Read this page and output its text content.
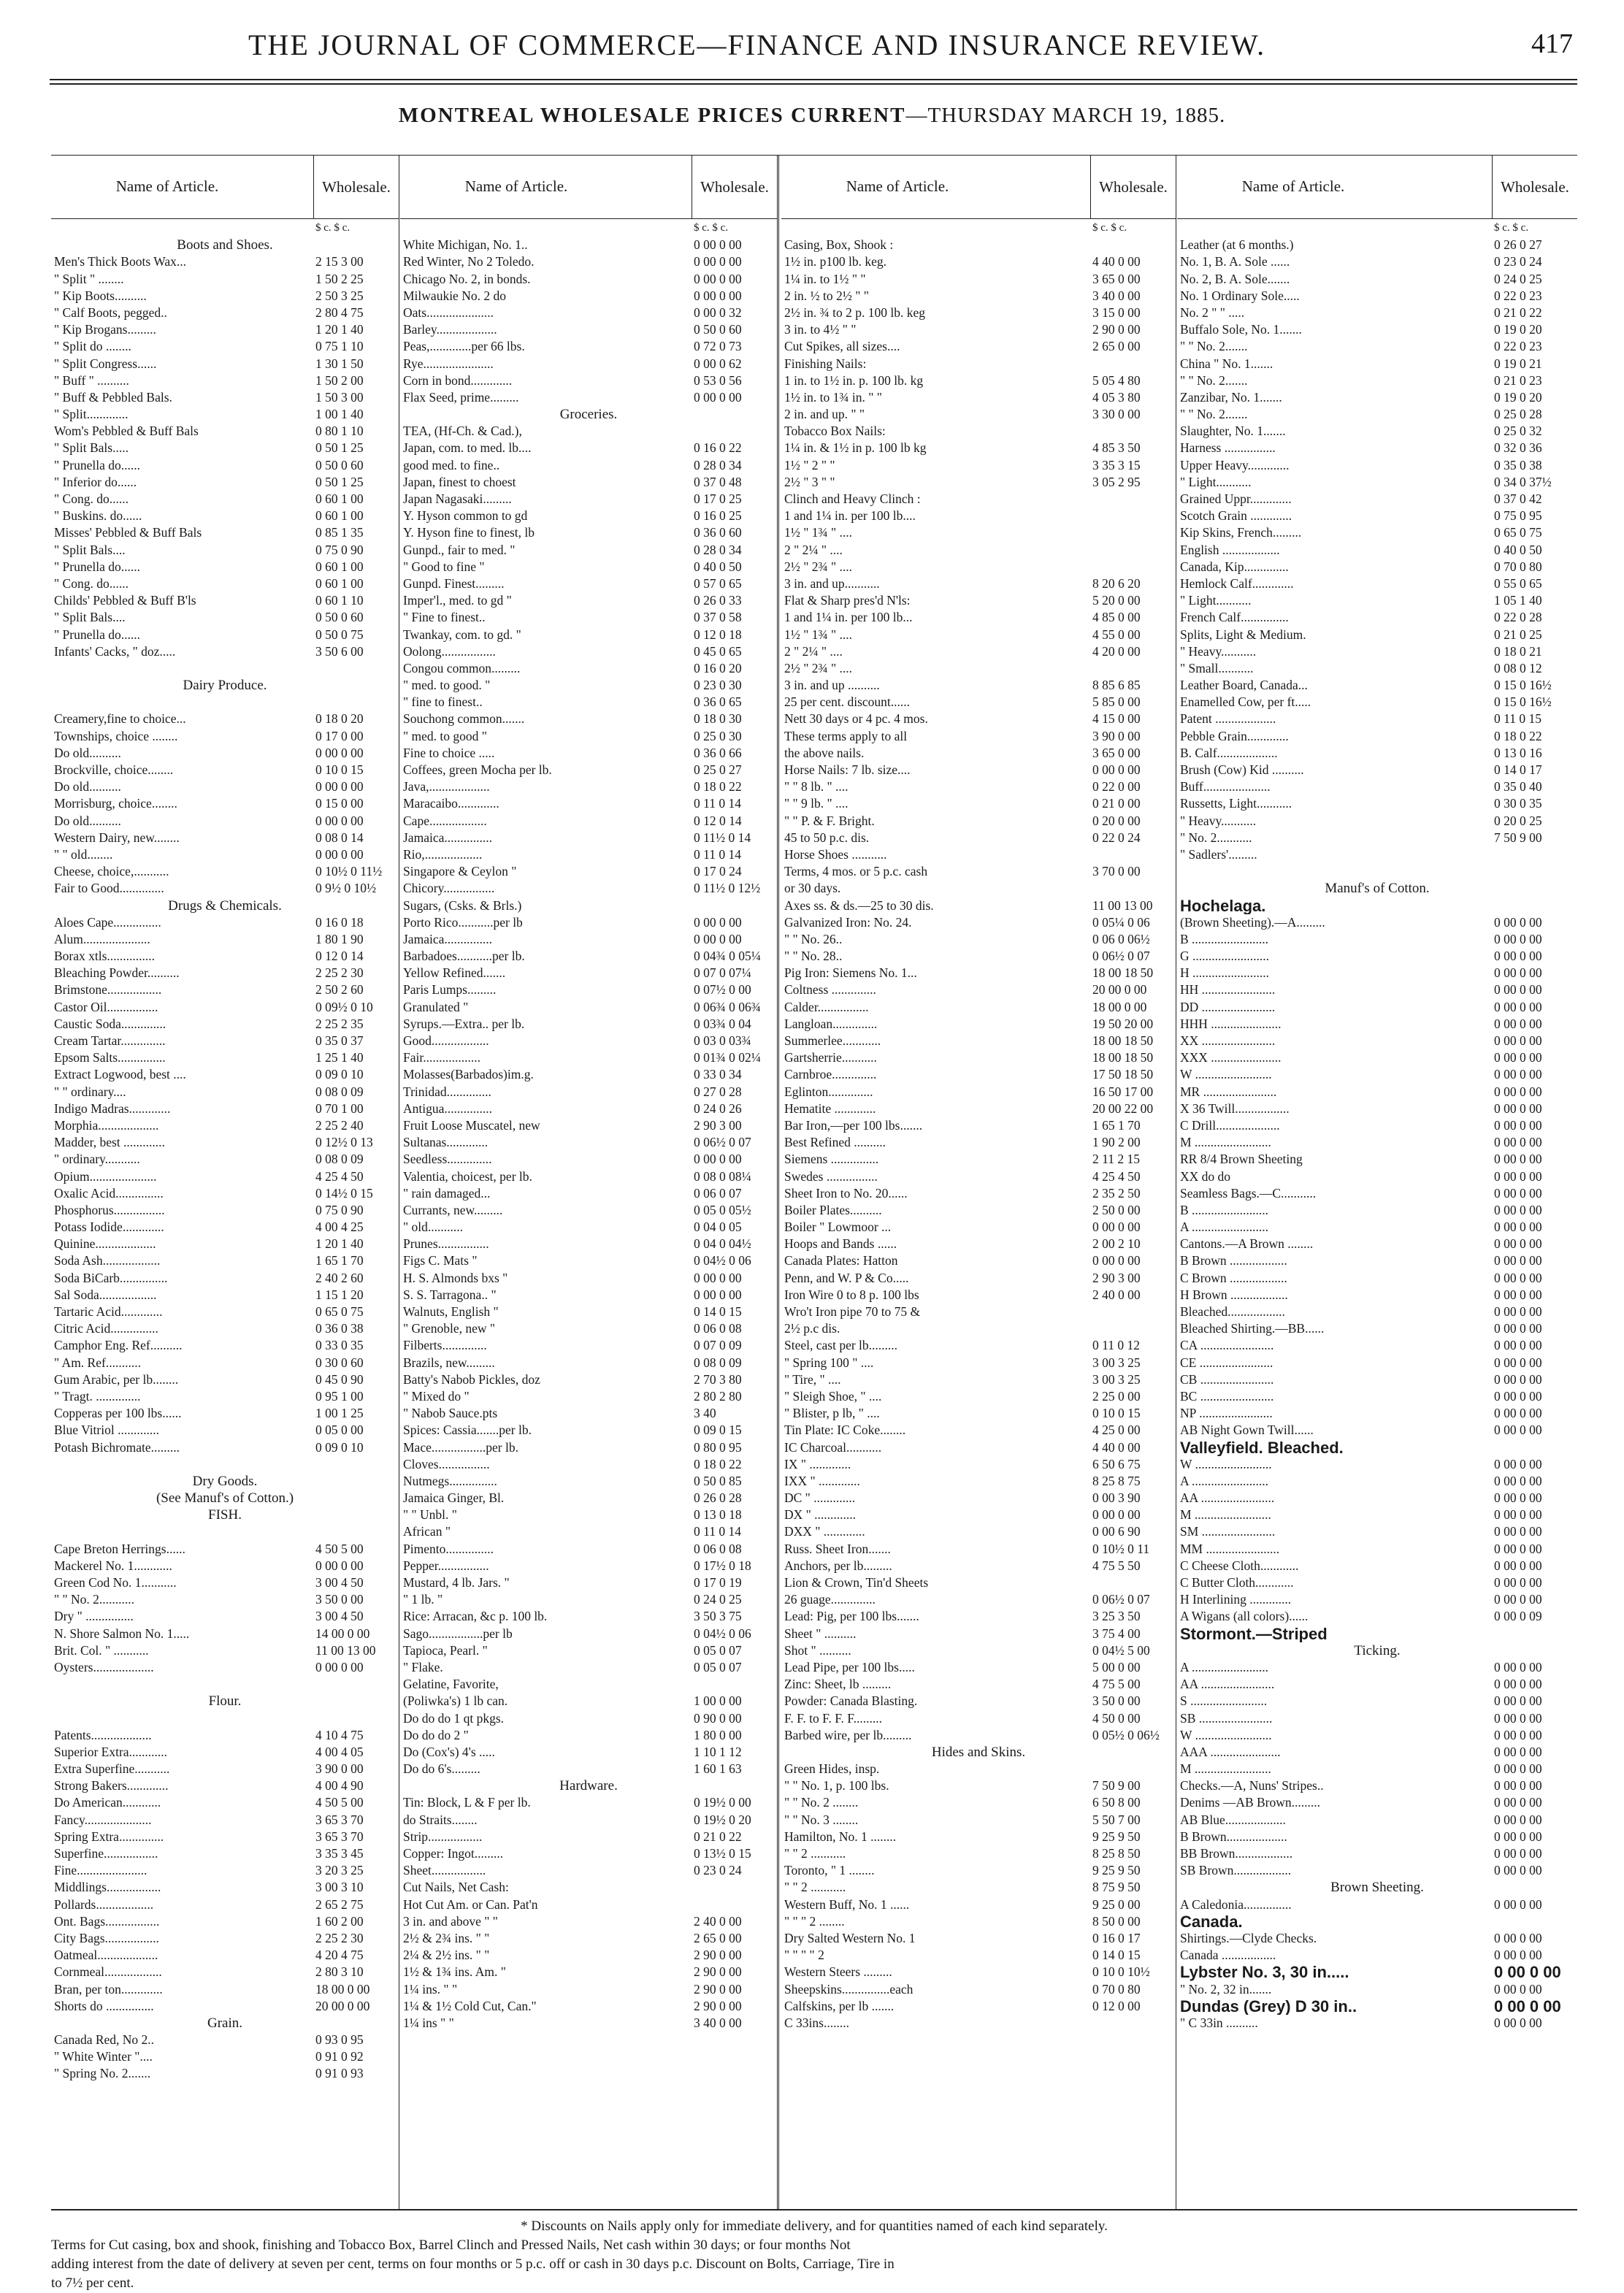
THE JOURNAL OF COMMERCE—FINANCE AND INSURANCE REVIEW.	417
MONTREAL WHOLESALE PRICES CURRENT—THURSDAY MARCH 19, 1885.
Name of Article.	Wholesale.
$ c. $ c.
Boots and Shoes.
Men's Thick Boots Wax...	2 15 3 00
" Split " ........	1 50 2 25
" Kip Boots..........	2 50 3 25
" Calf Boots, pegged..	2 80 4 75
" Kip Brogans.........	1 20 1 40
" Split do ........	0 75 1 10
" Split Congress......	1 30 1 50
" Buff " ..........	1 50 2 00
" Buff & Pebbled Bals.	1 50 3 00
" Split.............	1 00 1 40
Wom's Pebbled & Buff Bals	0 80 1 10
" Split Bals.....	0 50 1 25
" Prunella do......	0 50 0 60
" Inferior do......	0 50 1 25
" Cong. do......	0 60 1 00
" Buskins. do......	0 60 1 00
Misses' Pebbled & Buff Bals	0 85 1 35
" Split Bals....	0 75 0 90
" Prunella do......	0 60 1 00
" Cong. do......	0 60 1 00
Childs' Pebbled & Buff B'ls	0 60 1 10
" Split Bals....	0 50 0 60
" Prunella do......	0 50 0 75
Infants' Cacks, " doz.....	3 50 6 00
Dairy Produce.
Creamery,fine to choice...	0 18 0 20
Townships, choice ........	0 17 0 00
Do old..........	0 00 0 00
Brockville, choice........	0 10 0 15
Do old..........	0 00 0 00
Morrisburg, choice........	0 15 0 00
Do old..........	0 00 0 00
Western Dairy, new........	0 08 0 14
" " old........	0 00 0 00
Cheese, choice,...........	0 10½ 0 11½
Fair to Good..............	0 9½ 0 10½
Drugs & Chemicals.
Aloes Cape...............	0 16 0 18
Alum.....................	1 80 1 90
Borax xtls...............	0 12 0 14
Bleaching Powder..........	2 25 2 30
Brimstone.................	2 50 2 60
Castor Oil................	0 09½ 0 10
Caustic Soda..............	2 25 2 35
Cream Tartar..............	0 35 0 37
Epsom Salts...............	1 25 1 40
Extract Logwood, best ....	0 09 0 10
" " ordinary....	0 08 0 09
Indigo Madras.............	0 70 1 00
Morphia...................	2 25 2 40
Madder, best .............	0 12½ 0 13
" ordinary...........	0 08 0 09
Opium.....................	4 25 4 50
Oxalic Acid...............	0 14½ 0 15
Phosphorus................	0 75 0 90
Potass Iodide.............	4 00 4 25
Quinine...................	1 20 1 40
Soda Ash..................	1 65 1 70
Soda BiCarb...............	2 40 2 60
Sal Soda..................	1 15 1 20
Tartaric Acid.............	0 65 0 75
Citric Acid...............	0 36 0 38
Camphor Eng. Ref..........	0 33 0 35
" Am. Ref...........	0 30 0 60
Gum Arabic, per lb........	0 45 0 90
" Tragt. ..............	0 95 1 00
Copperas per 100 lbs......	1 00 1 25
Blue Vitriol .............	0 05 0 00
Potash Bichromate.........	0 09 0 10
Dry Goods.
(See Manuf's of Cotton.)
FISH.
Cape Breton Herrings......	4 50 5 00
Mackerel No. 1............	0 00 0 00
Green Cod No. 1...........	3 00 4 50
" " No. 2...........	3 50 0 00
Dry " ...............	3 00 4 50
N. Shore Salmon No. 1.....	14 00 0 00
Brit. Col. " ...........	11 00 13 00
Oysters...................	0 00 0 00
Flour.
Patents...................	4 10 4 75
Superior Extra............	4 00 4 05
Extra Superfine...........	3 90 0 00
Strong Bakers.............	4 00 4 90
Do American............	4 50 5 00
Fancy.....................	3 65 3 70
Spring Extra..............	3 65 3 70
Superfine.................	3 35 3 45
Fine......................	3 20 3 25
Middlings.................	3 00 3 10
Pollards..................	2 65 2 75
Ont. Bags.................	1 60 2 00
City Bags.................	2 25 2 30
Oatmeal...................	4 20 4 75
Cornmeal..................	2 80 3 10
Bran, per ton.............	18 00 0 00
Shorts do ...............	20 00 0 00
Grain.
Canada Red, No 2..	0 93 0 95
" White Winter "....	0 91 0 92
" Spring No. 2.......	0 91 0 93
Name of Article.	Wholesale.
$ c. $ c.
White Michigan, No. 1..	0 00 0 00
Red Winter, No 2 Toledo.	0 00 0 00
Chicago No. 2, in bonds.	0 00 0 00
Milwaukie No. 2 do	0 00 0 00
Oats.....................	0 00 0 32
Barley...................	0 50 0 60
Peas,.............per 66 lbs.	0 72 0 73
Rye......................	0 00 0 62
Corn in bond.............	0 53 0 56
Flax Seed, prime.........	0 00 0 00
Groceries.
TEA, (Hf-Ch. & Cad.),
Japan, com. to med. lb....	0 16 0 22
good med. to fine..	0 28 0 34
Japan, finest to choest	0 37 0 48
Japan Nagasaki.........	0 17 0 25
Y. Hyson common to gd	0 16 0 25
Y. Hyson fine to finest, lb	0 36 0 60
Gunpd., fair to med. "	0 28 0 34
" Good to fine "	0 40 0 50
Gunpd. Finest.........	0 57 0 65
Imper'l., med. to gd "	0 26 0 33
" Fine to finest..	0 37 0 58
Twankay, com. to gd. "	0 12 0 18
Oolong.................	0 45 0 65
Congou common.........	0 16 0 20
" med. to good. "	0 23 0 30
" fine to finest..	0 36 0 65
Souchong common.......	0 18 0 30
" med. to good "	0 25 0 30
Fine to choice .....	0 36 0 66
Coffees, green Mocha per lb.	0 25 0 27
Java,...................	0 18 0 22
Maracaibo.............	0 11 0 14
Cape..................	0 12 0 14
Jamaica...............	0 11½ 0 14
Rio,..................	0 11 0 14
Singapore & Ceylon "	0 17 0 24
Chicory................	0 11½ 0 12½
Sugars, (Csks. & Brls.)
Porto Rico...........per lb	0 00 0 00
Jamaica...............	0 00 0 00
Barbadoes...........per lb.	0 04¾ 0 05¼
Yellow Refined.......	0 07 0 07¼
Paris Lumps.........	0 07½ 0 00
Granulated "	0 06¾ 0 06¾
Syrups.—Extra.. per lb.	0 03¾ 0 04
Good..................	0 03 0 03¾
Fair..................	0 01¾ 0 02¼
Molasses(Barbados)im.g.	0 33 0 34
Trinidad..............	0 27 0 28
Antigua...............	0 24 0 26
Fruit Loose Muscatel, new	2 90 3 00
Sultanas.............	0 06½ 0 07
Seedless..............	0 00 0 00
Valentia, choicest, per lb.	0 08 0 08¼
" rain damaged...	0 06 0 07
Currants, new.........	0 05 0 05½
" old...........	0 04 0 05
Prunes................	0 04 0 04½
Figs C. Mats "	0 04½ 0 06
H. S. Almonds bxs "	0 00 0 00
S. S. Tarragona.. "	0 00 0 00
Walnuts, English "	0 14 0 15
" Grenoble, new "	0 06 0 08
Filberts..............	0 07 0 09
Brazils, new.........	0 08 0 09
Batty's Nabob Pickles, doz	2 70 3 80
" Mixed do "	2 80 2 80
" Nabob Sauce.pts	3 40
Spices: Cassia.......per lb.	0 09 0 15
Mace.................per lb.	0 80 0 95
Cloves................	0 18 0 22
Nutmegs...............	0 50 0 85
Jamaica Ginger, Bl.	0 26 0 28
" " Unbl. "	0 13 0 18
African "	0 11 0 14
Pimento...............	0 06 0 08
Pepper................	0 17½ 0 18
Mustard, 4 lb. Jars. "	0 17 0 19
" 1 lb. "	0 24 0 25
Rice: Arracan, &c p. 100 lb.	3 50 3 75
Sago.................per lb	0 04½ 0 06
Tapioca, Pearl. "	0 05 0 07
" Flake.	0 05 0 07
Gelatine, Favorite,
(Poliwka's) 1 lb can.	1 00 0 00
Do do do 1 qt pkgs.	0 90 0 00
Do do do 2 "	1 80 0 00
Do (Cox's) 4's .....	1 10 1 12
Do do 6's.........	1 60 1 63
Hardware.
Tin: Block, L & F per lb.	0 19½ 0 00
do Straits........	0 19½ 0 20
Strip.................	0 21 0 22
Copper: Ingot.........	0 13½ 0 15
Sheet.................	0 23 0 24
Cut Nails, Net Cash:
Hot Cut Am. or Can. Pat'n
3 in. and above " "	2 40 0 00
2½ & 2¾ ins. " "	2 65 0 00
2¼ & 2½ ins. " "	2 90 0 00
1½ & 1¾ ins. Am. "	2 90 0 00
1¼ ins. " "	2 90 0 00
1¼ & 1½ Cold Cut, Can."	2 90 0 00
1¼ ins " "	3 40 0 00
Name of Article.	Wholesale.
$ c. $ c.
Casing, Box, Shook :
1½ in. p100 lb. keg.	4 40 0 00
1¼ in. to 1½ " "	3 65 0 00
2 in. ½ to 2½ " "	3 40 0 00
2½ in. ¾ to 2 p. 100 lb. keg	3 15 0 00
3 in. to 4½ " "	2 90 0 00
Cut Spikes, all sizes....	2 65 0 00
Finishing Nails:
1 in. to 1½ in. p. 100 lb. kg	5 05 4 80
1½ in. to 1¾ in. " "	4 05 3 80
2 in. and up. " "	3 30 0 00
Tobacco Box Nails:
1¼ in. & 1½ in p. 100 lb kg	4 85 3 50
1½ " 2 " "	3 35 3 15
2½ " 3 " "	3 05 2 95
Clinch and Heavy Clinch :
1 and 1¼ in. per 100 lb....
1½ " 1¾ " ....
2 " 2¼ " ....
2½ " 2¾ " ....
3 in. and up...........	8 20 6 20
Flat & Sharp pres'd N'ls:	5 20 0 00
1 and 1¼ in. per 100 lb...	4 85 0 00
1½ " 1¾ " ....	4 55 0 00
2 " 2¼ " ....	4 20 0 00
2½ " 2¾ " ....
3 in. and up ..........	8 85 6 85
25 per cent. discount......	5 85 0 00
Nett 30 days or 4 pc. 4 mos.	4 15 0 00
These terms apply to all	3 90 0 00
the above nails.	3 65 0 00
Horse Nails: 7 lb. size....	0 00 0 00
" " 8 lb. " ....	0 22 0 00
" " 9 lb. " ....	0 21 0 00
" " P. & F. Bright.	0 20 0 00
45 to 50 p.c. dis.	0 22 0 24
Horse Shoes ...........
Terms, 4 mos. or 5 p.c. cash	3 70 0 00
or 30 days.
Axes ss. & ds.—25 to 30 dis.	11 00 13 00
Galvanized Iron: No. 24.	0 05¼ 0 06
" " No. 26..	0 06 0 06½
" " No. 28..	0 06½ 0 07
Pig Iron: Siemens No. 1...	18 00 18 50
Coltness ..............	20 00 0 00
Calder................	18 00 0 00
Langloan..............	19 50 20 00
Summerlee............	18 00 18 50
Gartsherrie...........	18 00 18 50
Carnbroe..............	17 50 18 50
Eglinton..............	16 50 17 00
Hematite .............	20 00 22 00
Bar Iron,—per 100 lbs.......	1 65 1 70
Best Refined ..........	1 90 2 00
Siemens ...............	2 11 2 15
Swedes ................	4 25 4 50
Sheet Iron to No. 20......	2 35 2 50
Boiler Plates..........	2 50 0 00
Boiler " Lowmoor ...	0 00 0 00
Hoops and Bands ......	2 00 2 10
Canada Plates: Hatton	0 00 0 00
Penn, and W. P & Co.....	2 90 3 00
Iron Wire 0 to 8 p. 100 lbs	2 40 0 00
Wro't Iron pipe 70 to 75 &
2½ p.c dis.
Steel, cast per lb.........	0 11 0 12
" Spring 100 " ....	3 00 3 25
" Tire, " ....	3 00 3 25
" Sleigh Shoe, " ....	2 25 0 00
" Blister, p lb, " ....	0 10 0 15
Tin Plate: IC Coke........	4 25 0 00
IC Charcoal...........	4 40 0 00
IX " .............	6 50 6 75
IXX " .............	8 25 8 75
DC " .............	0 00 3 90
DX " .............	0 00 0 00
DXX " .............	0 00 6 90
Russ. Sheet Iron.......	0 10½ 0 11
Anchors, per lb.........	4 75 5 50
Lion & Crown, Tin'd Sheets
26 guage..............	0 06½ 0 07
Lead: Pig, per 100 lbs.......	3 25 3 50
Sheet " ..........	3 75 4 00
Shot " ..........	0 04½ 5 00
Lead Pipe, per 100 lbs.....	5 00 0 00
Zinc: Sheet, lb .........	4 75 5 00
Powder: Canada Blasting.	3 50 0 00
F. F. to F. F. F.........	4 50 0 00
Barbed wire, per lb.........	0 05½ 0 06½
Hides and Skins.
Green Hides, insp.
" " No. 1, p. 100 lbs.	7 50 9 00
" " No. 2 ........	6 50 8 00
" " No. 3 ........	5 50 7 00
Hamilton, No. 1 ........	9 25 9 50
" " 2 ...........	8 25 8 50
Toronto, " 1 ........	9 25 9 50
" " 2 ...........	8 75 9 50
Western Buff, No. 1 ......	9 25 0 00
" " " 2 ........	8 50 0 00
Dry Salted Western No. 1	0 16 0 17
" " " " 2	0 14 0 15
Western Steers .........	0 10 0 10½
Sheepskins...............each	0 70 0 80
Calfskins, per lb .......	0 12 0 00
C 33ins........
Name of Article.	Wholesale.
$ c. $ c.
Leather (at 6 months.)	0 26 0 27
No. 1, B. A. Sole ......	0 23 0 24
No. 2, B. A. Sole.......	0 24 0 25
No. 1 Ordinary Sole.....	0 22 0 23
No. 2 " " .....	0 21 0 22
Buffalo Sole, No. 1.......	0 19 0 20
" " No. 2.......	0 22 0 23
China " No. 1.......	0 19 0 21
" " No. 2.......	0 21 0 23
Zanzibar, No. 1.......	0 19 0 20
" " No. 2.......	0 25 0 28
Slaughter, No. 1.......	0 25 0 32
Harness ................	0 32 0 36
Upper Heavy.............	0 35 0 38
" Light...........	0 34 0 37½
Grained Uppr.............	0 37 0 42
Scotch Grain .............	0 75 0 95
Kip Skins, French.........	0 65 0 75
English ..................	0 40 0 50
Canada, Kip..............	0 70 0 80
Hemlock Calf.............	0 55 0 65
" Light...........	1 05 1 40
French Calf...............	0 22 0 28
Splits, Light & Medium.	0 21 0 25
" Heavy...........	0 18 0 21
" Small...........	0 08 0 12
Leather Board, Canada...	0 15 0 16½
Enamelled Cow, per ft.....	0 15 0 16½
Patent ...................	0 11 0 15
Pebble Grain.............	0 18 0 22
B. Calf...................	0 13 0 16
Brush (Cow) Kid ..........	0 14 0 17
Buff.....................	0 35 0 40
Russetts, Light...........	0 30 0 35
" Heavy...........	0 20 0 25
" No. 2...........	7 50 9 00
" Sadlers'.........
Manuf's of Cotton.
Hochelaga.
(Brown Sheeting).—A.........	0 00 0 00
B ........................	0 00 0 00
G ........................	0 00 0 00
H ........................	0 00 0 00
HH .......................	0 00 0 00
DD .......................	0 00 0 00
HHH ......................	0 00 0 00
XX .......................	0 00 0 00
XXX ......................	0 00 0 00
W ........................	0 00 0 00
MR .......................	0 00 0 00
X 36 Twill.................	0 00 0 00
C Drill....................	0 00 0 00
M ........................	0 00 0 00
RR 8/4 Brown Sheeting	0 00 0 00
XX do do	0 00 0 00
Seamless Bags.—C...........	0 00 0 00
B ........................	0 00 0 00
A ........................	0 00 0 00
Cantons.—A Brown ........	0 00 0 00
B Brown ..................	0 00 0 00
C Brown ..................	0 00 0 00
H Brown ..................	0 00 0 00
Bleached..................	0 00 0 00
Bleached Shirting.—BB......	0 00 0 00
CA .......................	0 00 0 00
CE .......................	0 00 0 00
CB .......................	0 00 0 00
BC .......................	0 00 0 00
NP .......................	0 00 0 00
AB Night Gown Twill......	0 00 0 00
Valleyfield. Bleached.
W ........................	0 00 0 00
A ........................	0 00 0 00
AA .......................	0 00 0 00
M ........................	0 00 0 00
SM .......................	0 00 0 00
MM .......................	0 00 0 00
C Cheese Cloth............	0 00 0 00
C Butter Cloth............	0 00 0 00
H Interlining .............	0 00 0 00
A Wigans (all colors)......	0 00 0 09
Stormont.—Striped
Ticking.
A ........................	0 00 0 00
AA .......................	0 00 0 00
S ........................	0 00 0 00
SB .......................	0 00 0 00
W ........................	0 00 0 00
AAA ......................	0 00 0 00
M ........................	0 00 0 00
Checks.—A, Nuns' Stripes..	0 00 0 00
Denims —AB Brown.........	0 00 0 00
AB Blue...................	0 00 0 00
B Brown...................	0 00 0 00
BB Brown..................	0 00 0 00
SB Brown..................	0 00 0 00
Brown Sheeting.
A Caledonia...............	0 00 0 00
Canada.
Shirtings.—Clyde Checks.	0 00 0 00
Canada .................	0 00 0 00
Lybster No. 3, 30 in.....	0 00 0 00
" No. 2, 32 in.......	0 00 0 00
Dundas (Grey) D 30 in..	0 00 0 00
" C 33in ..........	0 00 0 00

* Discounts on Nails apply only for immediate delivery, and for quantities named of each kind separately.

Terms for Cut casing, box and shook, finishing and Tobacco Box, Barrel Clinch and Pressed Nails, Net cash within 30 days; or four months Not

adding interest from the date of delivery at seven per cent, terms on four months or 5 p.c. off or cash in 30 days p.c. Discount on Bolts, Carriage, Tire in

to 7½ per cent.
